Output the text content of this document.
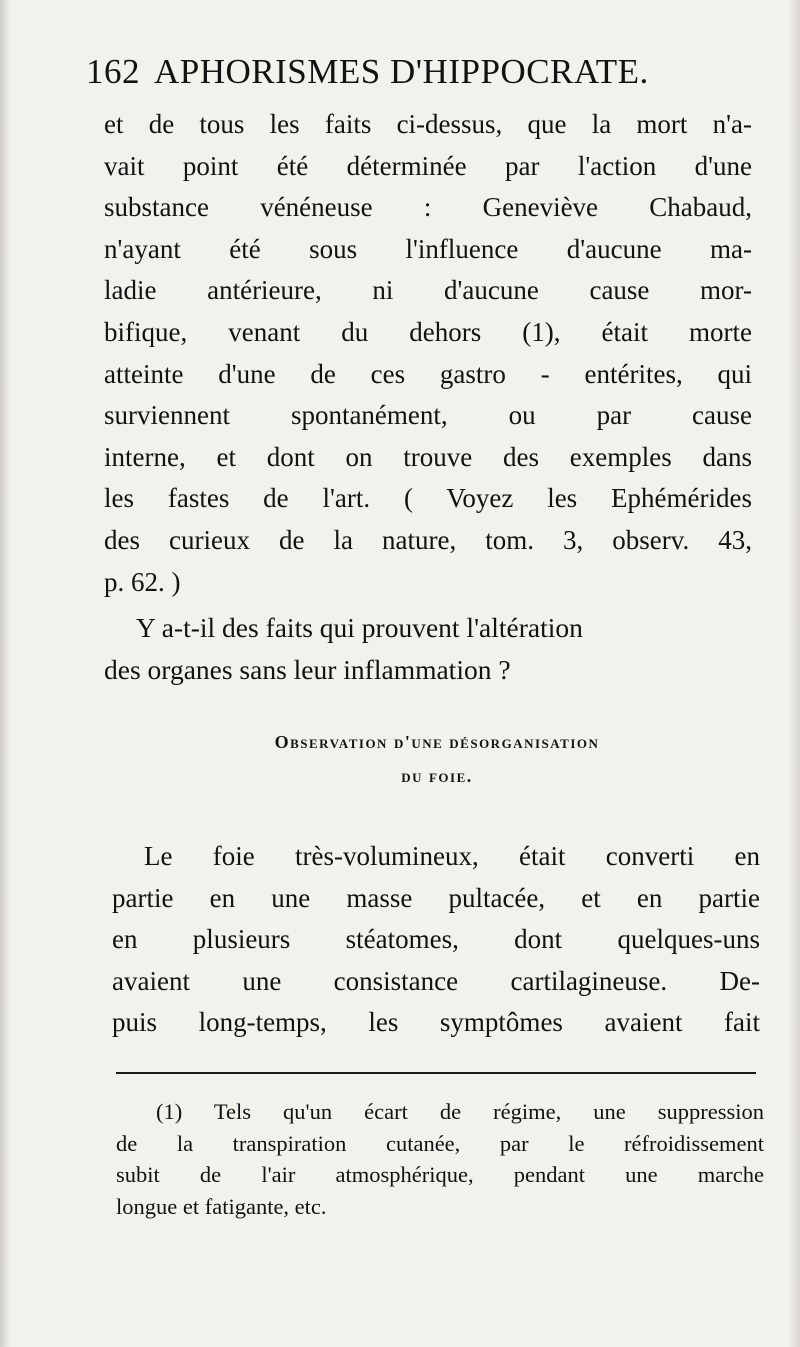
162 APHORISMES D'HIPPOCRATE.
et de tous les faits ci-dessus, que la mort n'a-
vait point été déterminée par l'action d'une
substance vénéneuse : Geneviève Chabaud,
n'ayant été sous l'influence d'aucune ma-
ladie antérieure, ni d'aucune cause mor-
bifique, venant du dehors (1), était morte
atteinte d'une de ces gastro - entérites, qui
surviennent spontanément, ou par cause
interne, et dont on trouve des exemples dans
les fastes de l'art. ( Voyez les Ephémérides
des curieux de la nature, tom. 3, observ. 43,
p. 62. )
Y a-t-il des faits qui prouvent l'altération
des organes sans leur inflammation ?
Observation d'une désorganisation
du foie.
Le foie très-volumineux, était converti en
partie en une masse pultacée, et en partie
en plusieurs stéatomes, dont quelques-uns
avaient une consistance cartilagineuse. De-
puis long-temps, les symptômes avaient fait
(1) Tels qu'un écart de régime, une suppression
de la transpiration cutanée, par le réfroidissement
subit de l'air atmosphérique, pendant une marche
longue et fatigante, etc.
